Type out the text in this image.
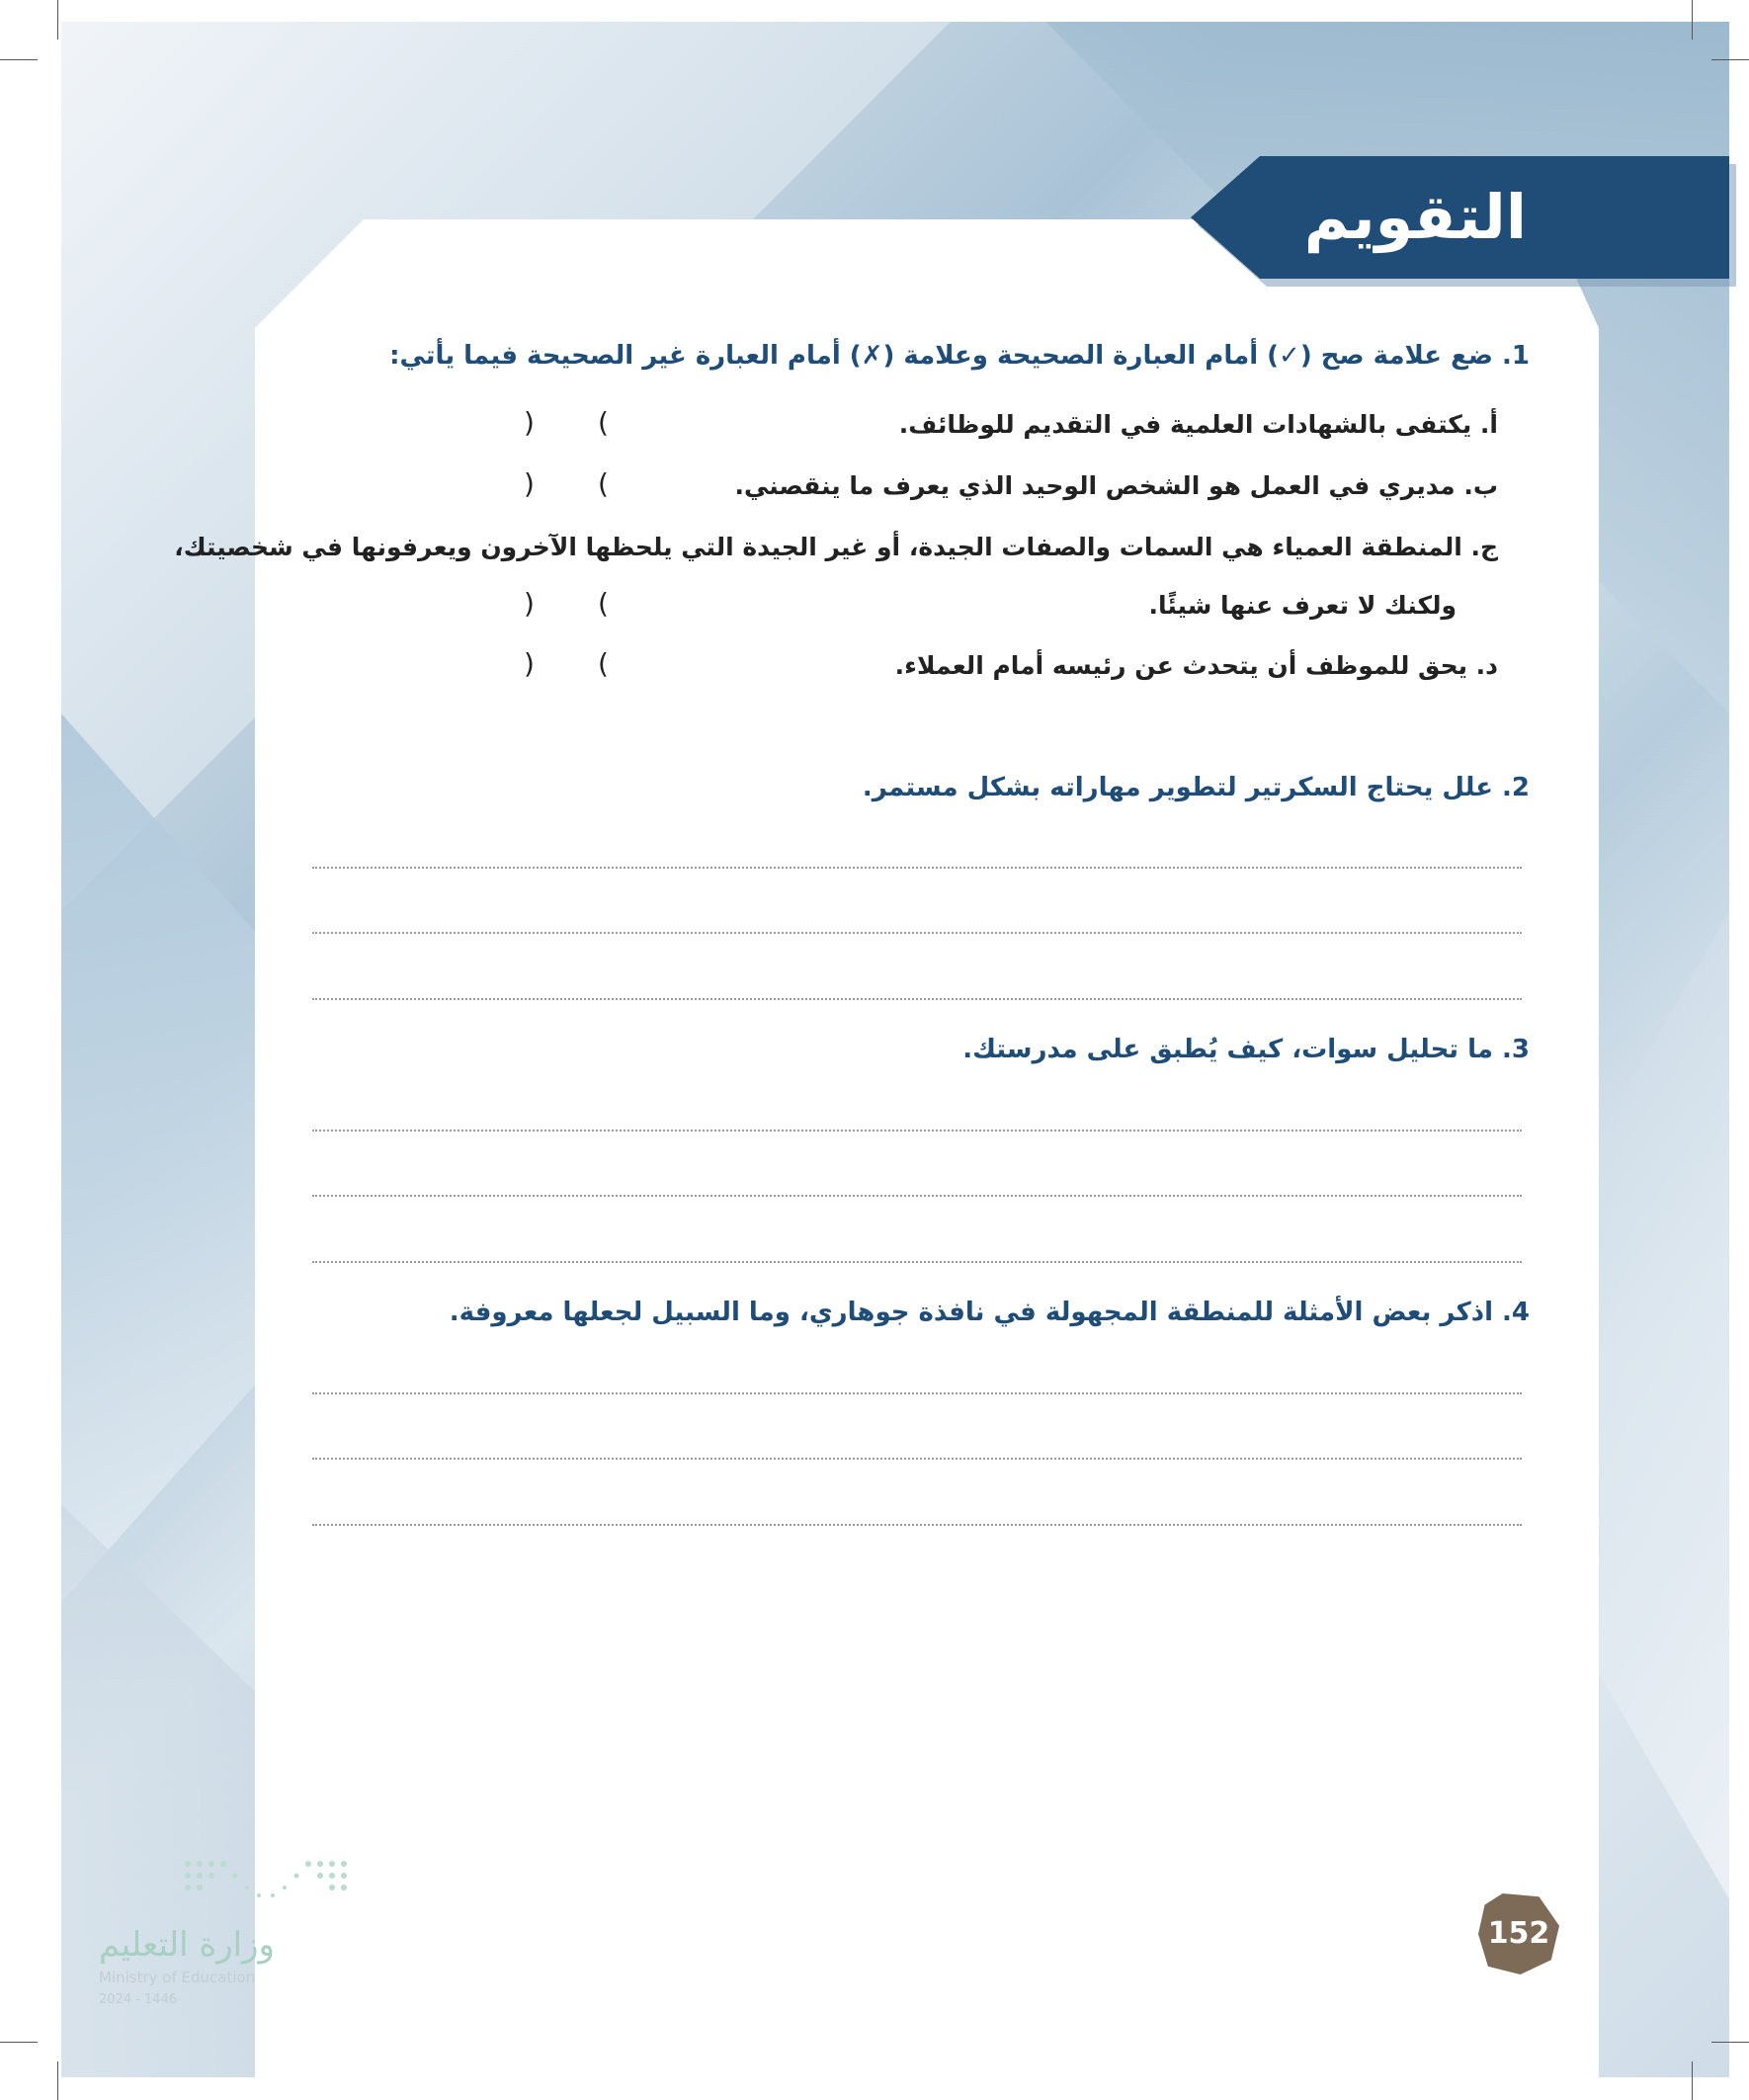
التقويم
1. ضع علامة صح (✓) أمام العبارة الصحيحة وعلامة (✗) أمام العبارة غير الصحيحة فيما يأتي:
أ. يكتفى بالشهادات العلمية في التقديم للوظائف.
(
)
ب. مديري في العمل هو الشخص الوحيد الذي يعرف ما ينقصني.
(
)
ج. المنطقة العمياء هي السمات والصفات الجيدة، أو غير الجيدة التي يلحظها الآخرون ويعرفونها في شخصيتك،
ولكنك لا تعرف عنها شيئًا.
(
)
د. يحق للموظف أن يتحدث عن رئيسه أمام العملاء.
(
)
2. علل يحتاج السكرتير لتطوير مهاراته بشكل مستمر.
3. ما تحليل سوات، كيف يُطبق على مدرستك.
4. اذكر بعض الأمثلة للمنطقة المجهولة في نافذة جوهاري، وما السبيل لجعلها معروفة.
وزارة التعليم
Ministry of Education
2024 - 1446
152
